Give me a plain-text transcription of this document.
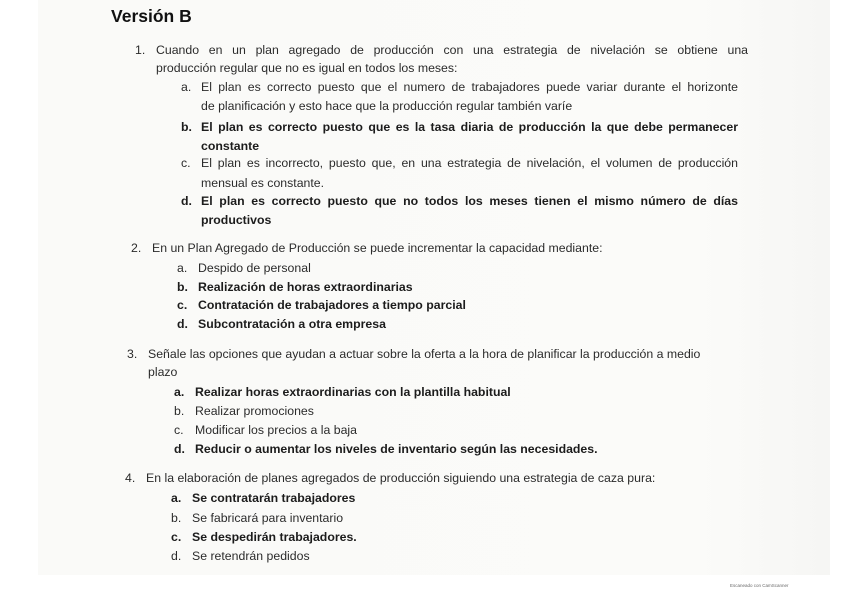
Versión B
1. Cuando en un plan agregado de producción con una estrategia de nivelación se obtiene una
producción regular que no es igual en todos los meses:
a. El plan es correcto puesto que el numero de trabajadores puede variar durante el horizonte
de planificación y esto hace que la producción regular también varíe
b. El plan es correcto puesto que es la tasa diaria de producción la que debe permanecer
constante
c. El plan es incorrecto, puesto que, en una estrategia de nivelación, el volumen de producción
mensual es constante.
d. El plan es correcto puesto que no todos los meses tienen el mismo número de días
productivos
2. En un Plan Agregado de Producción se puede incrementar la capacidad mediante:
a. Despido de personal
b. Realización de horas extraordinarias
c. Contratación de trabajadores a tiempo parcial
d. Subcontratación a otra empresa
3. Señale las opciones que ayudan a actuar sobre la oferta a la hora de planificar la producción a medio
plazo
a. Realizar horas extraordinarias con la plantilla habitual
b. Realizar promociones
c. Modificar los precios a la baja
d. Reducir o aumentar los niveles de inventario según las necesidades.
4. En la elaboración de planes agregados de producción siguiendo una estrategia de caza pura:
a. Se contratarán trabajadores
b. Se fabricará para inventario
c. Se despedirán trabajadores.
d. Se retendrán pedidos
Escaneado con CamScanner
